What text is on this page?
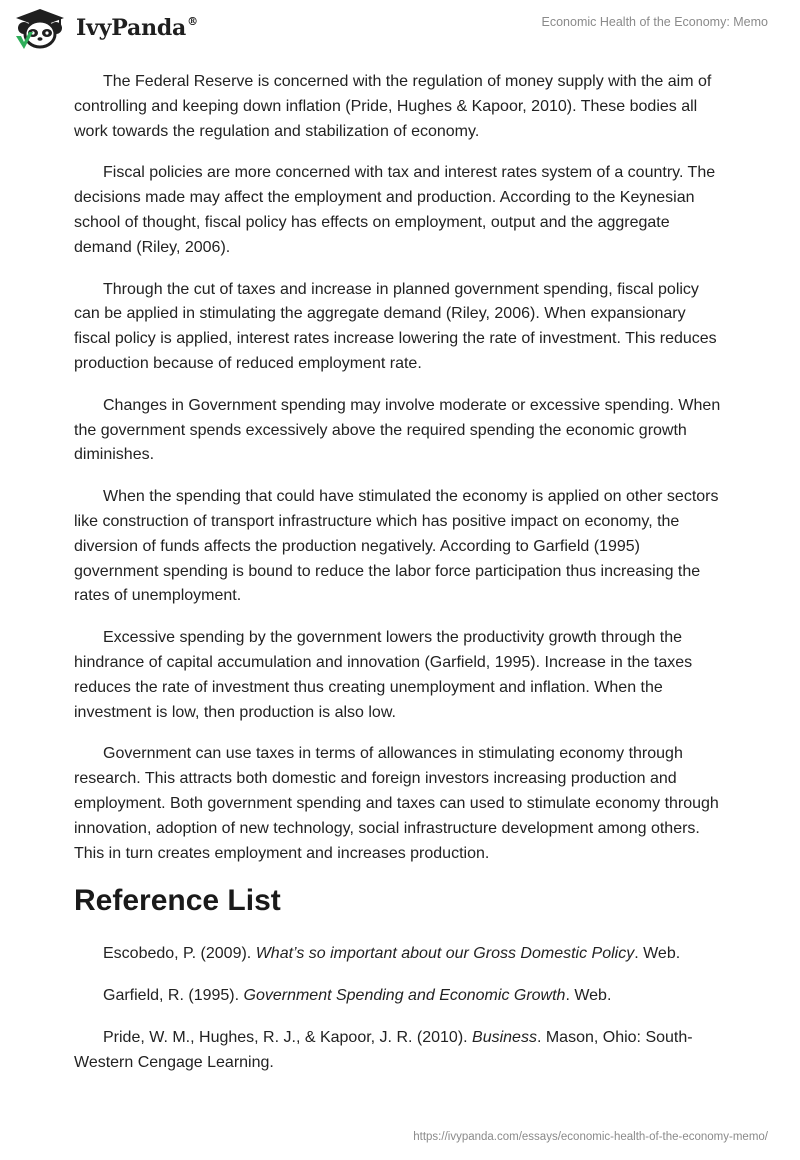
IvyPanda®	Economic Health of the Economy: Memo

The Federal Reserve is concerned with the regulation of money supply with the aim of controlling and keeping down inflation (Pride, Hughes & Kapoor, 2010). These bodies all work towards the regulation and stabilization of economy.

Fiscal policies are more concerned with tax and interest rates system of a country. The decisions made may affect the employment and production. According to the Keynesian school of thought, fiscal policy has effects on employment, output and the aggregate demand (Riley, 2006).

Through the cut of taxes and increase in planned government spending, fiscal policy can be applied in stimulating the aggregate demand (Riley, 2006). When expansionary fiscal policy is applied, interest rates increase lowering the rate of investment. This reduces production because of reduced employment rate.

Changes in Government spending may involve moderate or excessive spending. When the government spends excessively above the required spending the economic growth diminishes.

When the spending that could have stimulated the economy is applied on other sectors like construction of transport infrastructure which has positive impact on economy, the diversion of funds affects the production negatively. According to Garfield (1995) government spending is bound to reduce the labor force participation thus increasing the rates of unemployment.

Excessive spending by the government lowers the productivity growth through the hindrance of capital accumulation and innovation (Garfield, 1995). Increase in the taxes reduces the rate of investment thus creating unemployment and inflation. When the investment is low, then production is also low.

Government can use taxes in terms of allowances in stimulating economy through research. This attracts both domestic and foreign investors increasing production and employment. Both government spending and taxes can used to stimulate economy through innovation, adoption of new technology, social infrastructure development among others. This in turn creates employment and increases production.

Reference List

Escobedo, P. (2009). What’s so important about our Gross Domestic Policy. Web.

Garfield, R. (1995). Government Spending and Economic Growth. Web.

Pride, W. M., Hughes, R. J., & Kapoor, J. R. (2010). Business. Mason, Ohio: South-Western Cengage Learning.

https://ivypanda.com/essays/economic-health-of-the-economy-memo/
